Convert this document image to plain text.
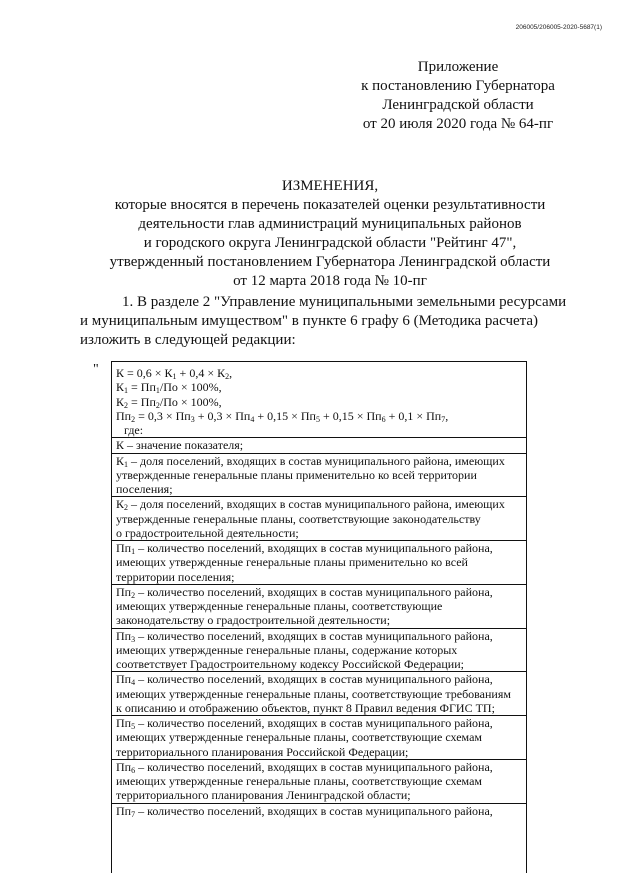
206005/206005-2020-5687(1)
Приложение
к постановлению Губернатора
Ленинградской области
от 20 июля 2020 года № 64-пг
ИЗМЕНЕНИЯ,
которые вносятся в перечень показателей оценки результативности
деятельности глав администраций муниципальных районов
и городского округа Ленинградской области "Рейтинг 47",
утвержденный постановлением Губернатора Ленинградской области
от 12 марта 2018 года № 10-пг
1. В разделе 2 "Управление муниципальными земельными ресурсами
и муниципальным имуществом" в пункте 6 графу 6 (Методика расчета)
изложить в следующей редакции:
" $К = 0,6 \times К_1 + 0,4 \times К_2$,
$К_1 = Пп_1/По \times 100\%$,
$К_2 = Пп_2/По \times 100\%$,
$Пп_2 = 0,3 \times Пп_3 + 0,3 \times Пп_4 + 0,15 \times Пп_5 + 0,15 \times Пп_6 + 0,1 \times Пп_7$,
где:
К – значение показателя;
$К_1$ – доля поселений, входящих в состав муниципального района, имеющих
утвержденные генеральные планы применительно ко всей территории
поселения;
$К_2$ – доля поселений, входящих в состав муниципального района, имеющих
утвержденные генеральные планы, соответствующие законодательству
о градостроительной деятельности;
$Пп_1$ – количество поселений, входящих в состав муниципального района,
имеющих утвержденные генеральные планы применительно ко всей
территории поселения;
$Пп_2$ – количество поселений, входящих в состав муниципального района,
имеющих утвержденные генеральные планы, соответствующие
законодательству о градостроительной деятельности;
$Пп_3$ – количество поселений, входящих в состав муниципального района,
имеющих утвержденные генеральные планы, содержание которых
соответствует Градостроительному кодексу Российской Федерации;
$Пп_4$ – количество поселений, входящих в состав муниципального района,
имеющих утвержденные генеральные планы, соответствующие требованиям
к описанию и отображению объектов, пункт 8 Правил ведения ФГИС ТП;
$Пп_5$ – количество поселений, входящих в состав муниципального района,
имеющих утвержденные генеральные планы, соответствующие схемам
территориального планирования Российской Федерации;
$Пп_6$ – количество поселений, входящих в состав муниципального района,
имеющих утвержденные генеральные планы, соответствующие схемам
территориального планирования Ленинградской области;
$Пп_7$ – количество поселений, входящих в состав муниципального района,
